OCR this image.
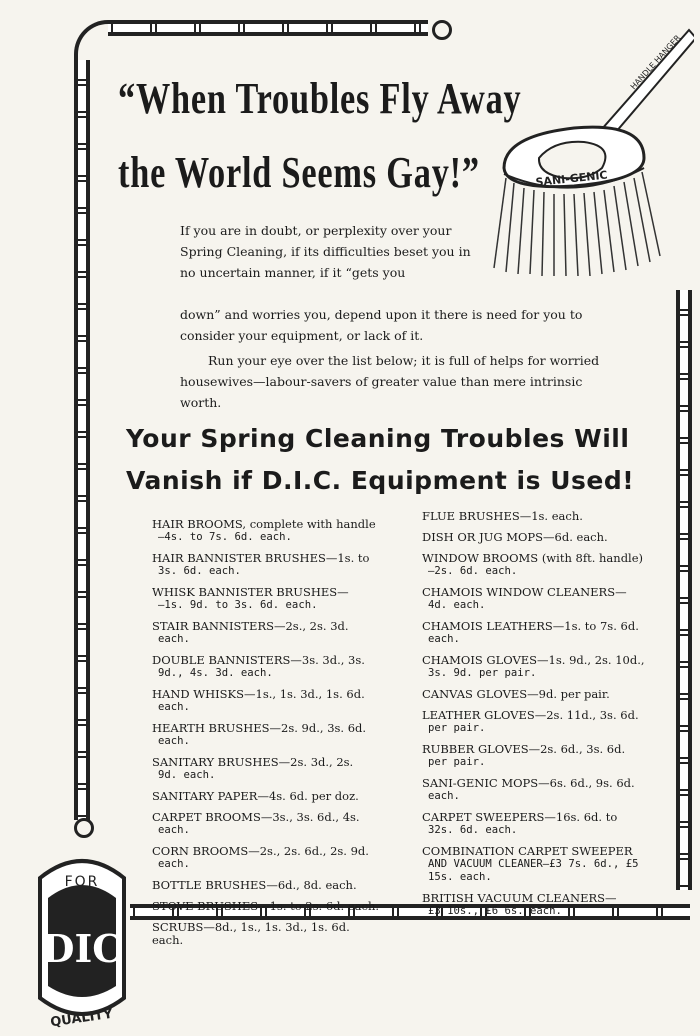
“When Troubles Fly Away
the World Seems Gay!”
HANDLE HANGER
SANI-GENIC
If you are in doubt, or perplexity over your Spring Cleaning, if its difficulties beset you in no uncertain manner, if it “gets you
down” and worries you, depend upon it there is need for you to consider your equipment, or lack of it.
Run your eye over the list below; it is full of helps for worried housewives—labour-savers of greater value than mere intrinsic worth.
Your Spring Cleaning Troubles Will
Vanish if D.I.C. Equipment is Used!
HAIR BROOMS, complete with handle
—4s. to 7s. 6d. each.
HAIR BANNISTER BRUSHES—1s. to
3s. 6d. each.
WHISK BANNISTER BRUSHES—
—1s. 9d. to 3s. 6d. each.
STAIR BANNISTERS—2s., 2s. 3d.
each.
DOUBLE BANNISTERS—3s. 3d., 3s.
9d., 4s. 3d. each.
HAND WHISKS—1s., 1s. 3d., 1s. 6d.
each.
HEARTH BRUSHES—2s. 9d., 3s. 6d.
each.
SANITARY BRUSHES—2s. 3d., 2s.
9d. each.
SANITARY PAPER—4s. 6d. per doz.
CARPET BROOMS—3s., 3s. 6d., 4s.
each.
CORN BROOMS—2s., 2s. 6d., 2s. 9d.
each.
BOTTLE BRUSHES—6d., 8d. each.
STOVE BRUSHES—1s. to 2s. 6d. each.
SCRUBS—8d., 1s., 1s. 3d., 1s. 6d. each.
FLUE BRUSHES—1s. each.
DISH OR JUG MOPS—6d. each.
WINDOW BROOMS (with 8ft. handle)
—2s. 6d. each.
CHAMOIS WINDOW CLEANERS—
4d. each.
CHAMOIS LEATHERS—1s. to 7s. 6d.
each.
CHAMOIS GLOVES—1s. 9d., 2s. 10d.,
3s. 9d. per pair.
CANVAS GLOVES—9d. per pair.
LEATHER GLOVES—2s. 11d., 3s. 6d.
per pair.
RUBBER GLOVES—2s. 6d., 3s. 6d.
per pair.
SANI-GENIC MOPS—6s. 6d., 9s. 6d.
each.
CARPET SWEEPERS—16s. 6d. to
32s. 6d. each.
COMBINATION CARPET SWEEPER
AND VACUUM CLEANER—£3 7s. 6d., £5 15s. each.
BRITISH VACUUM CLEANERS—
£3 10s., £6 6s. each.
FOR
DIC
QUALITY
